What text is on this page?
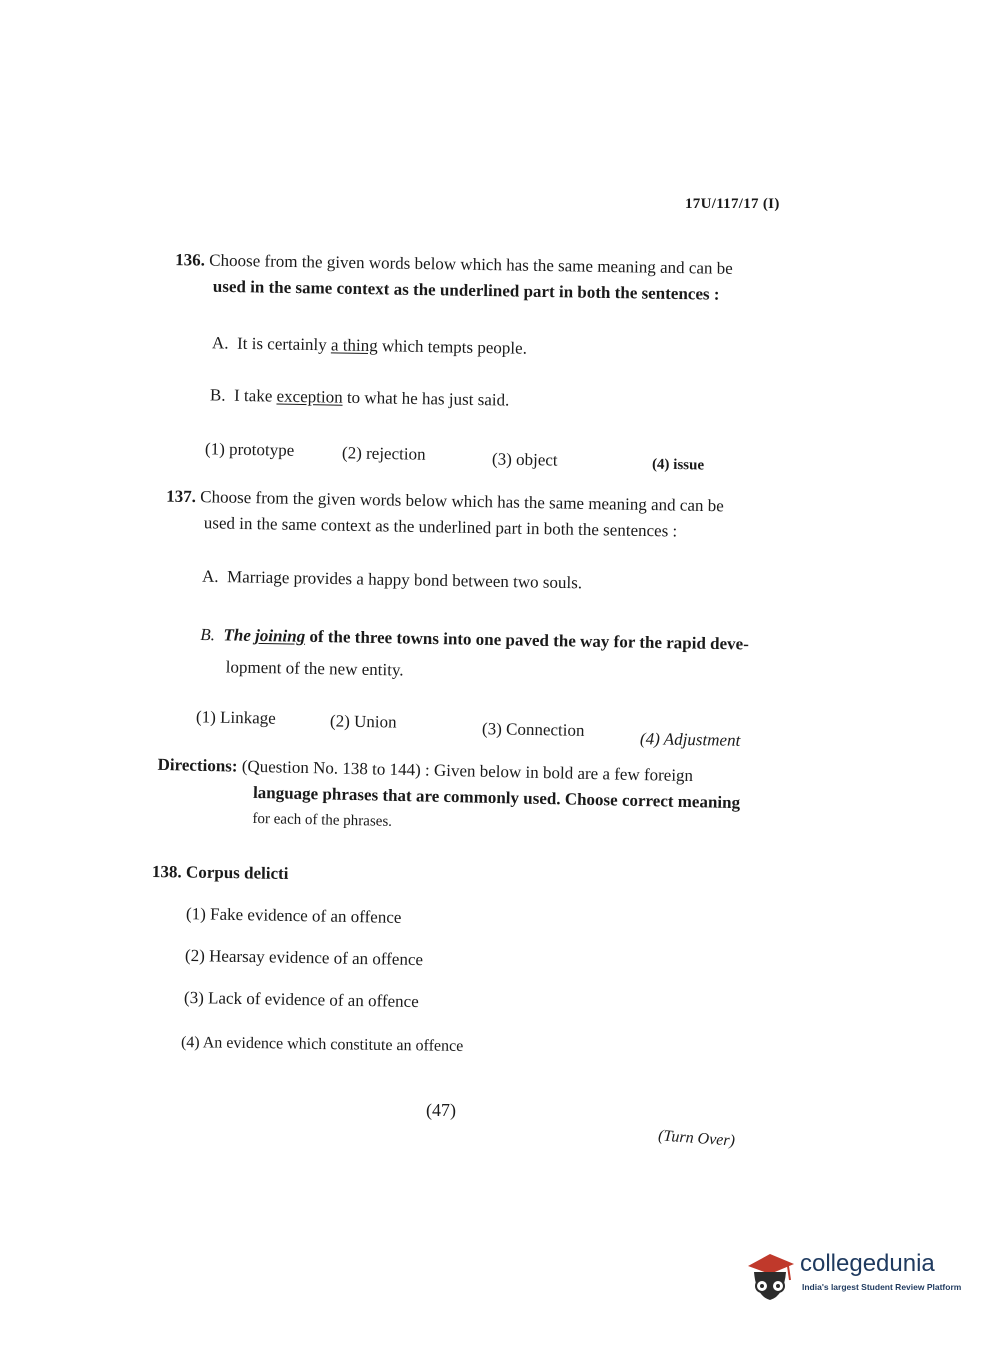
17U/117/17 (I)
136. Choose from the given words below which has the same meaning and can be
used in the same context as the underlined part in both the sentences :
A. It is certainly a thing which tempts people.
B. I take exception to what he has just said.
(1) prototype	(2) rejection	(3) object	(4) issue
137. Choose from the given words below which has the same meaning and can be
used in the same context as the underlined part in both the sentences :
A. Marriage provides a happy bond between two souls.
B. The joining of the three towns into one paved the way for the rapid deve-
lopment of the new entity.
(1) Linkage	(2) Union	(3) Connection	(4) Adjustment
Directions: (Question No. 138 to 144) : Given below in bold are a few foreign
language phrases that are commonly used. Choose correct meaning
for each of the phrases.
138. Corpus delicti
(1) Fake evidence of an offence
(2) Hearsay evidence of an offence
(3) Lack of evidence of an offence
(4) An evidence which constitute an offence
(47)
(Turn Over)
collegedunia
India's largest Student Review Platform
